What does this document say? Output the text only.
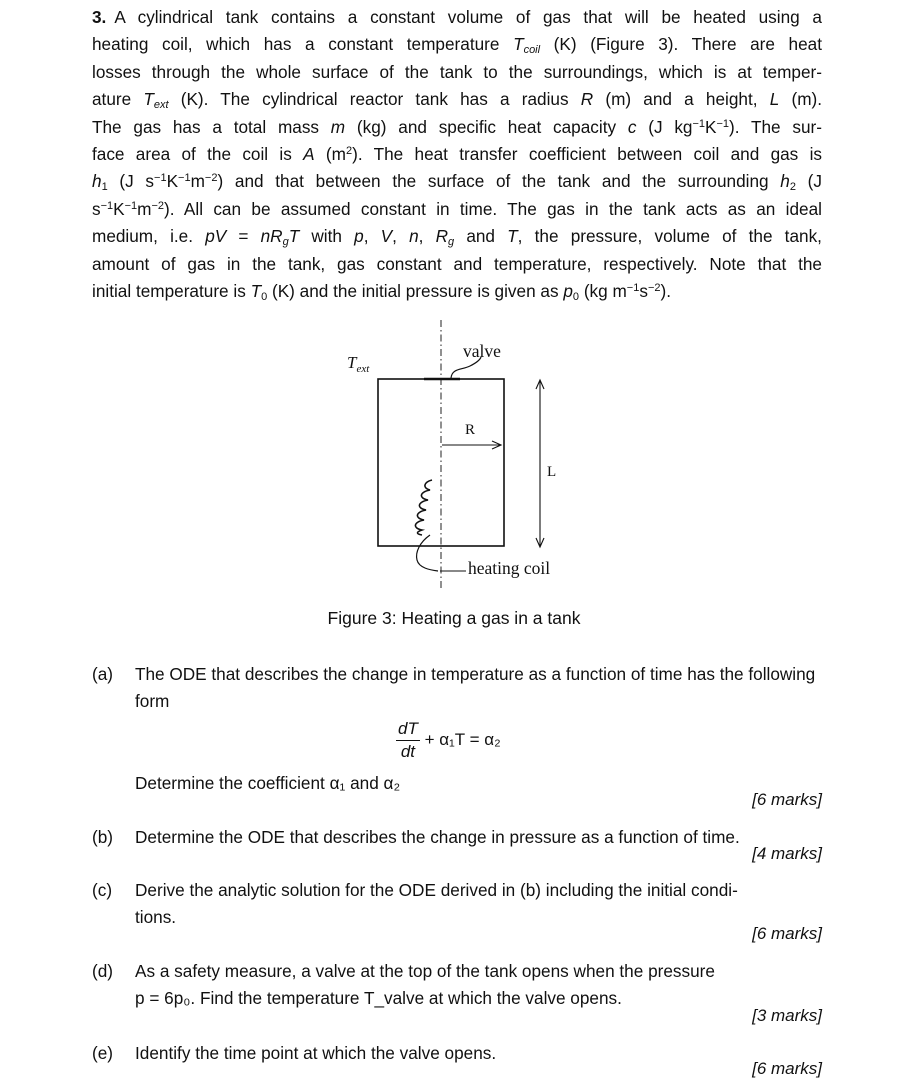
3. A cylindrical tank contains a constant volume of gas that will be heated using a
heating coil, which has a constant temperature $T_{coil}$ (K) (Figure 3). There are heat
losses through the whole surface of the tank to the surroundings, which is at temper-
ature $T_{ext}$ (K). The cylindrical reactor tank has a radius R (m) and a height, L (m).
The gas has a total mass m (kg) and specific heat capacity c (J $kg^{-1}K^{-1}$). The sur-
face area of the coil is A $(m^2)$. The heat transfer coefficient between coil and gas is
$h_1$ (J $s^{-1}K^{-1}m^{-2}$) and that between the surface of the tank and the surrounding $h_2$ (J
$s^{-1}K^{-1}m^{-2}$). All can be assumed constant in time. The gas in the tank acts as an ideal
medium, i.e. pV = $nR_gT$ with p, V, n, $R_g$ and T, the pressure, volume of the tank,
amount of gas in the tank, gas constant and temperature, respectively. Note that the
initial temperature is $T_0$ (K) and the initial pressure is given as $p_0$ (kg $m^{-1}s^{-2}$).
$T_{ext}$
valve
R
L
heating coil
Figure 3: Heating a gas in a tank
(a) The ODE that describes the change in temperature as a function of time has the following form
$\frac{dT}{dt} + \alpha_1T = \alpha_2$
Determine the coefficient α₁ and α₂
[6 marks]
(b) Determine the ODE that describes the change in pressure as a function of time.
[4 marks]
(c) Derive the analytic solution for the ODE derived in (b) including the initial condi-
tions.
[6 marks]
(d) As a safety measure, a valve at the top of the tank opens when the pressure
p = 6p₀. Find the temperature T_valve at which the valve opens.
[3 marks]
(e) Identify the time point at which the valve opens.
[6 marks]
